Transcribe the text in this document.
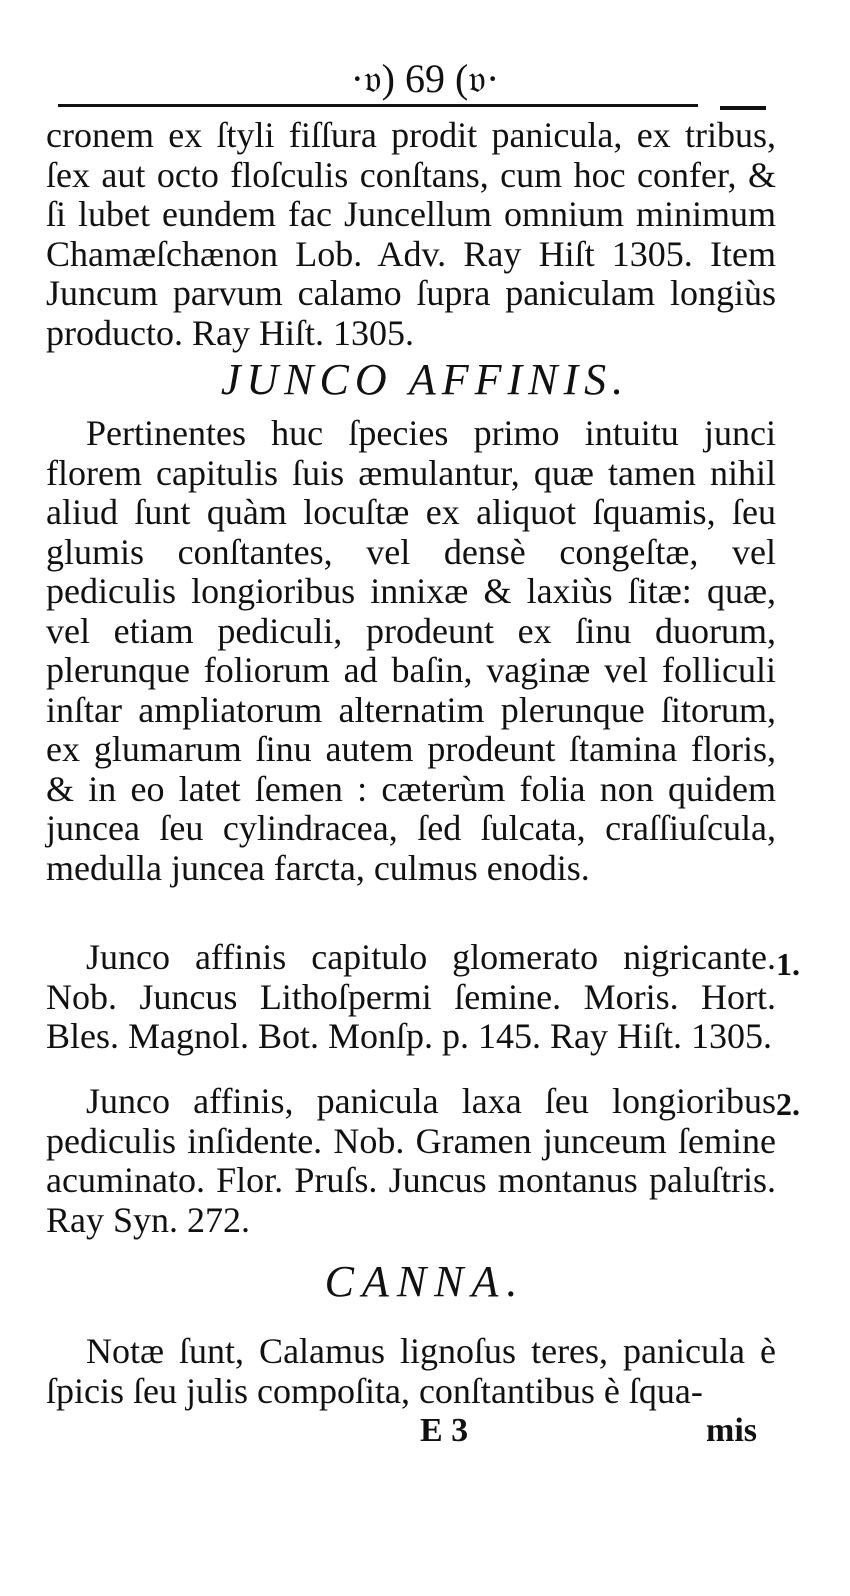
·𝔳) 69 (𝔳·
cronem ex ſtyli fiſſura prodit panicula, ex tribus, ſex aut octo floſculis conſtans, cum hoc confer, & ſi lubet eundem fac Juncellum omnium minimum Chamæſchænon Lob. Adv. Ray Hiſt 1305. Item Juncum parvum calamo ſupra paniculam longiùs producto. Ray Hiſt. 1305.
JUNCO AFFINIS.
Pertinentes huc ſpecies primo intuitu junci florem capitulis ſuis æmulantur, quæ tamen nihil aliud ſunt quàm locuſtæ ex aliquot ſquamis, ſeu glumis conſtantes, vel densè congeſtæ, vel pediculis longioribus innixæ & laxiùs ſitæ: quæ, vel etiam pediculi, prodeunt ex ſinu duorum, plerunque foliorum ad baſin, vaginæ vel folliculi inſtar ampliatorum alternatim plerunque ſitorum, ex glumarum ſinu autem prodeunt ſtamina floris, & in eo latet ſemen : cæterùm folia non quidem juncea ſeu cylindracea, ſed ſulcata, craſſiuſcula, medulla juncea farcta, culmus enodis.
Junco affinis capitulo glomerato nigricante. Nob. Juncus Lithoſpermi ſemine. Moris. Hort. Bles. Magnol. Bot. Monſp. p. 145. Ray Hiſt. 1305.
1.
Junco affinis, panicula laxa ſeu longioribus pediculis inſidente. Nob. Gramen junceum ſemine acuminato. Flor. Pruſs. Juncus montanus paluſtris. Ray Syn. 272.
2.
CANNA.
Notæ ſunt, Calamus lignoſus teres, panicula è ſpicis ſeu julis compoſita, conſtantibus è ſqua-
E 3	mis
